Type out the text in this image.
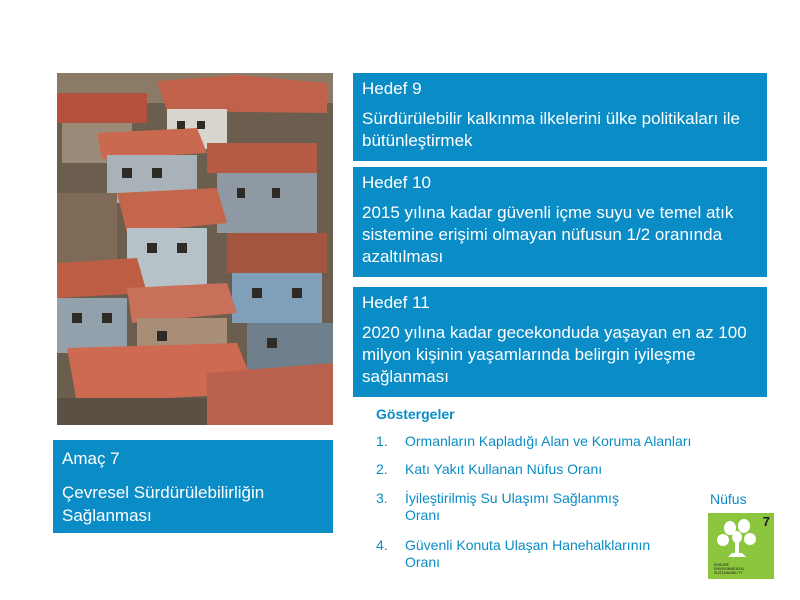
Hedef 9
Sürdürülebilir kalkınma ilkelerini ülke politikaları ile bütünleştirmek
Hedef 10
2015 yılına kadar güvenli içme suyu ve temel atık sistemine erişimi olmayan nüfusun 1/2 oranında azaltılması
Hedef 11
2020 yılına kadar gecekonduda yaşayan en az 100 milyon kişinin yaşamlarında belirgin iyileşme sağlanması
Amaç 7
Çevresel Sürdürülebilirliğin Sağlanması
Göstergeler
1. Ormanların Kapladığı Alan ve Koruma Alanları
2. Katı Yakıt Kullanan Nüfus Oranı
3. İyileştirilmiş Su Ulaşımı Sağlanmış Oranı
4. Güvenli Konuta Ulaşan Hanehalklarının Oranı
Nüfus
7
ENSURE
ENVIRONMENTAL
SUSTAINABILITY
